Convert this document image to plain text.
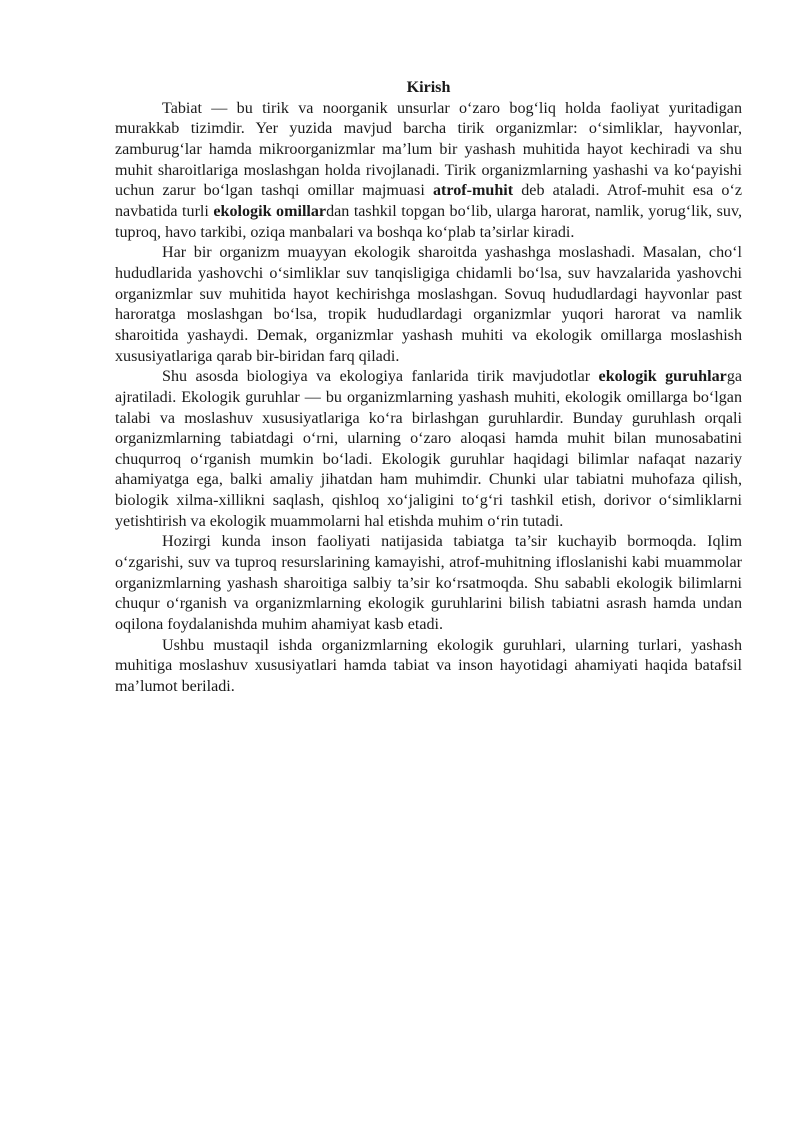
Kirish

Tabiat — bu tirik va noorganik unsurlar o‘zaro bog‘liq holda faoliyat yuritadigan murakkab tizimdir. Yer yuzida mavjud barcha tirik organizmlar: o‘simliklar, hayvonlar, zamburug‘lar hamda mikroorganizmlar ma’lum bir yashash muhitida hayot kechiradi va shu muhit sharoitlariga moslashgan holda rivojlanadi. Tirik organizmlarning yashashi va ko‘payishi uchun zarur bo‘lgan tashqi omillar majmuasi atrof-muhit deb ataladi. Atrof-muhit esa o‘z navbatida turli ekologik omillardan tashkil topgan bo‘lib, ularga harorat, namlik, yorug‘lik, suv, tuproq, havo tarkibi, oziqa manbalari va boshqa ko‘plab ta’sirlar kiradi.

Har bir organizm muayyan ekologik sharoitda yashashga moslashadi. Masalan, cho‘l hududlarida yashovchi o‘simliklar suv tanqisligiga chidamli bo‘lsa, suv havzalarida yashovchi organizmlar suv muhitida hayot kechirishga moslashgan. Sovuq hududlardagi hayvonlar past haroratga moslashgan bo‘lsa, tropik hududlardagi organizmlar yuqori harorat va namlik sharoitida yashaydi. Demak, organizmlar yashash muhiti va ekologik omillarga moslashish xususiyatlariga qarab bir-biridan farq qiladi.

Shu asosda biologiya va ekologiya fanlarida tirik mavjudotlar ekologik guruhlarga ajratiladi. Ekologik guruhlar — bu organizmlarning yashash muhiti, ekologik omillarga bo‘lgan talabi va moslashuv xususiyatlariga ko‘ra birlashgan guruhlardir. Bunday guruhlash orqali organizmlarning tabiatdagi o‘rni, ularning o‘zaro aloqasi hamda muhit bilan munosabatini chuqurroq o‘rganish mumkin bo‘ladi. Ekologik guruhlar haqidagi bilimlar nafaqat nazariy ahamiyatga ega, balki amaliy jihatdan ham muhimdir. Chunki ular tabiatni muhofaza qilish, biologik xilma-xillikni saqlash, qishloq xo‘jaligini to‘g‘ri tashkil etish, dorivor o‘simliklarni yetishtirish va ekologik muammolarni hal etishda muhim o‘rin tutadi.

Hozirgi kunda inson faoliyati natijasida tabiatga ta’sir kuchayib bormoqda. Iqlim o‘zgarishi, suv va tuproq resurslarining kamayishi, atrof-muhitning ifloslanishi kabi muammolar organizmlarning yashash sharoitiga salbiy ta’sir ko‘rsatmoqda. Shu sababli ekologik bilimlarni chuqur o‘rganish va organizmlarning ekologik guruhlarini bilish tabiatni asrash hamda undan oqilona foydalanishda muhim ahamiyat kasb etadi.

Ushbu mustaqil ishda organizmlarning ekologik guruhlari, ularning turlari, yashash muhitiga moslashuv xususiyatlari hamda tabiat va inson hayotidagi ahamiyati haqida batafsil ma’lumot beriladi.
